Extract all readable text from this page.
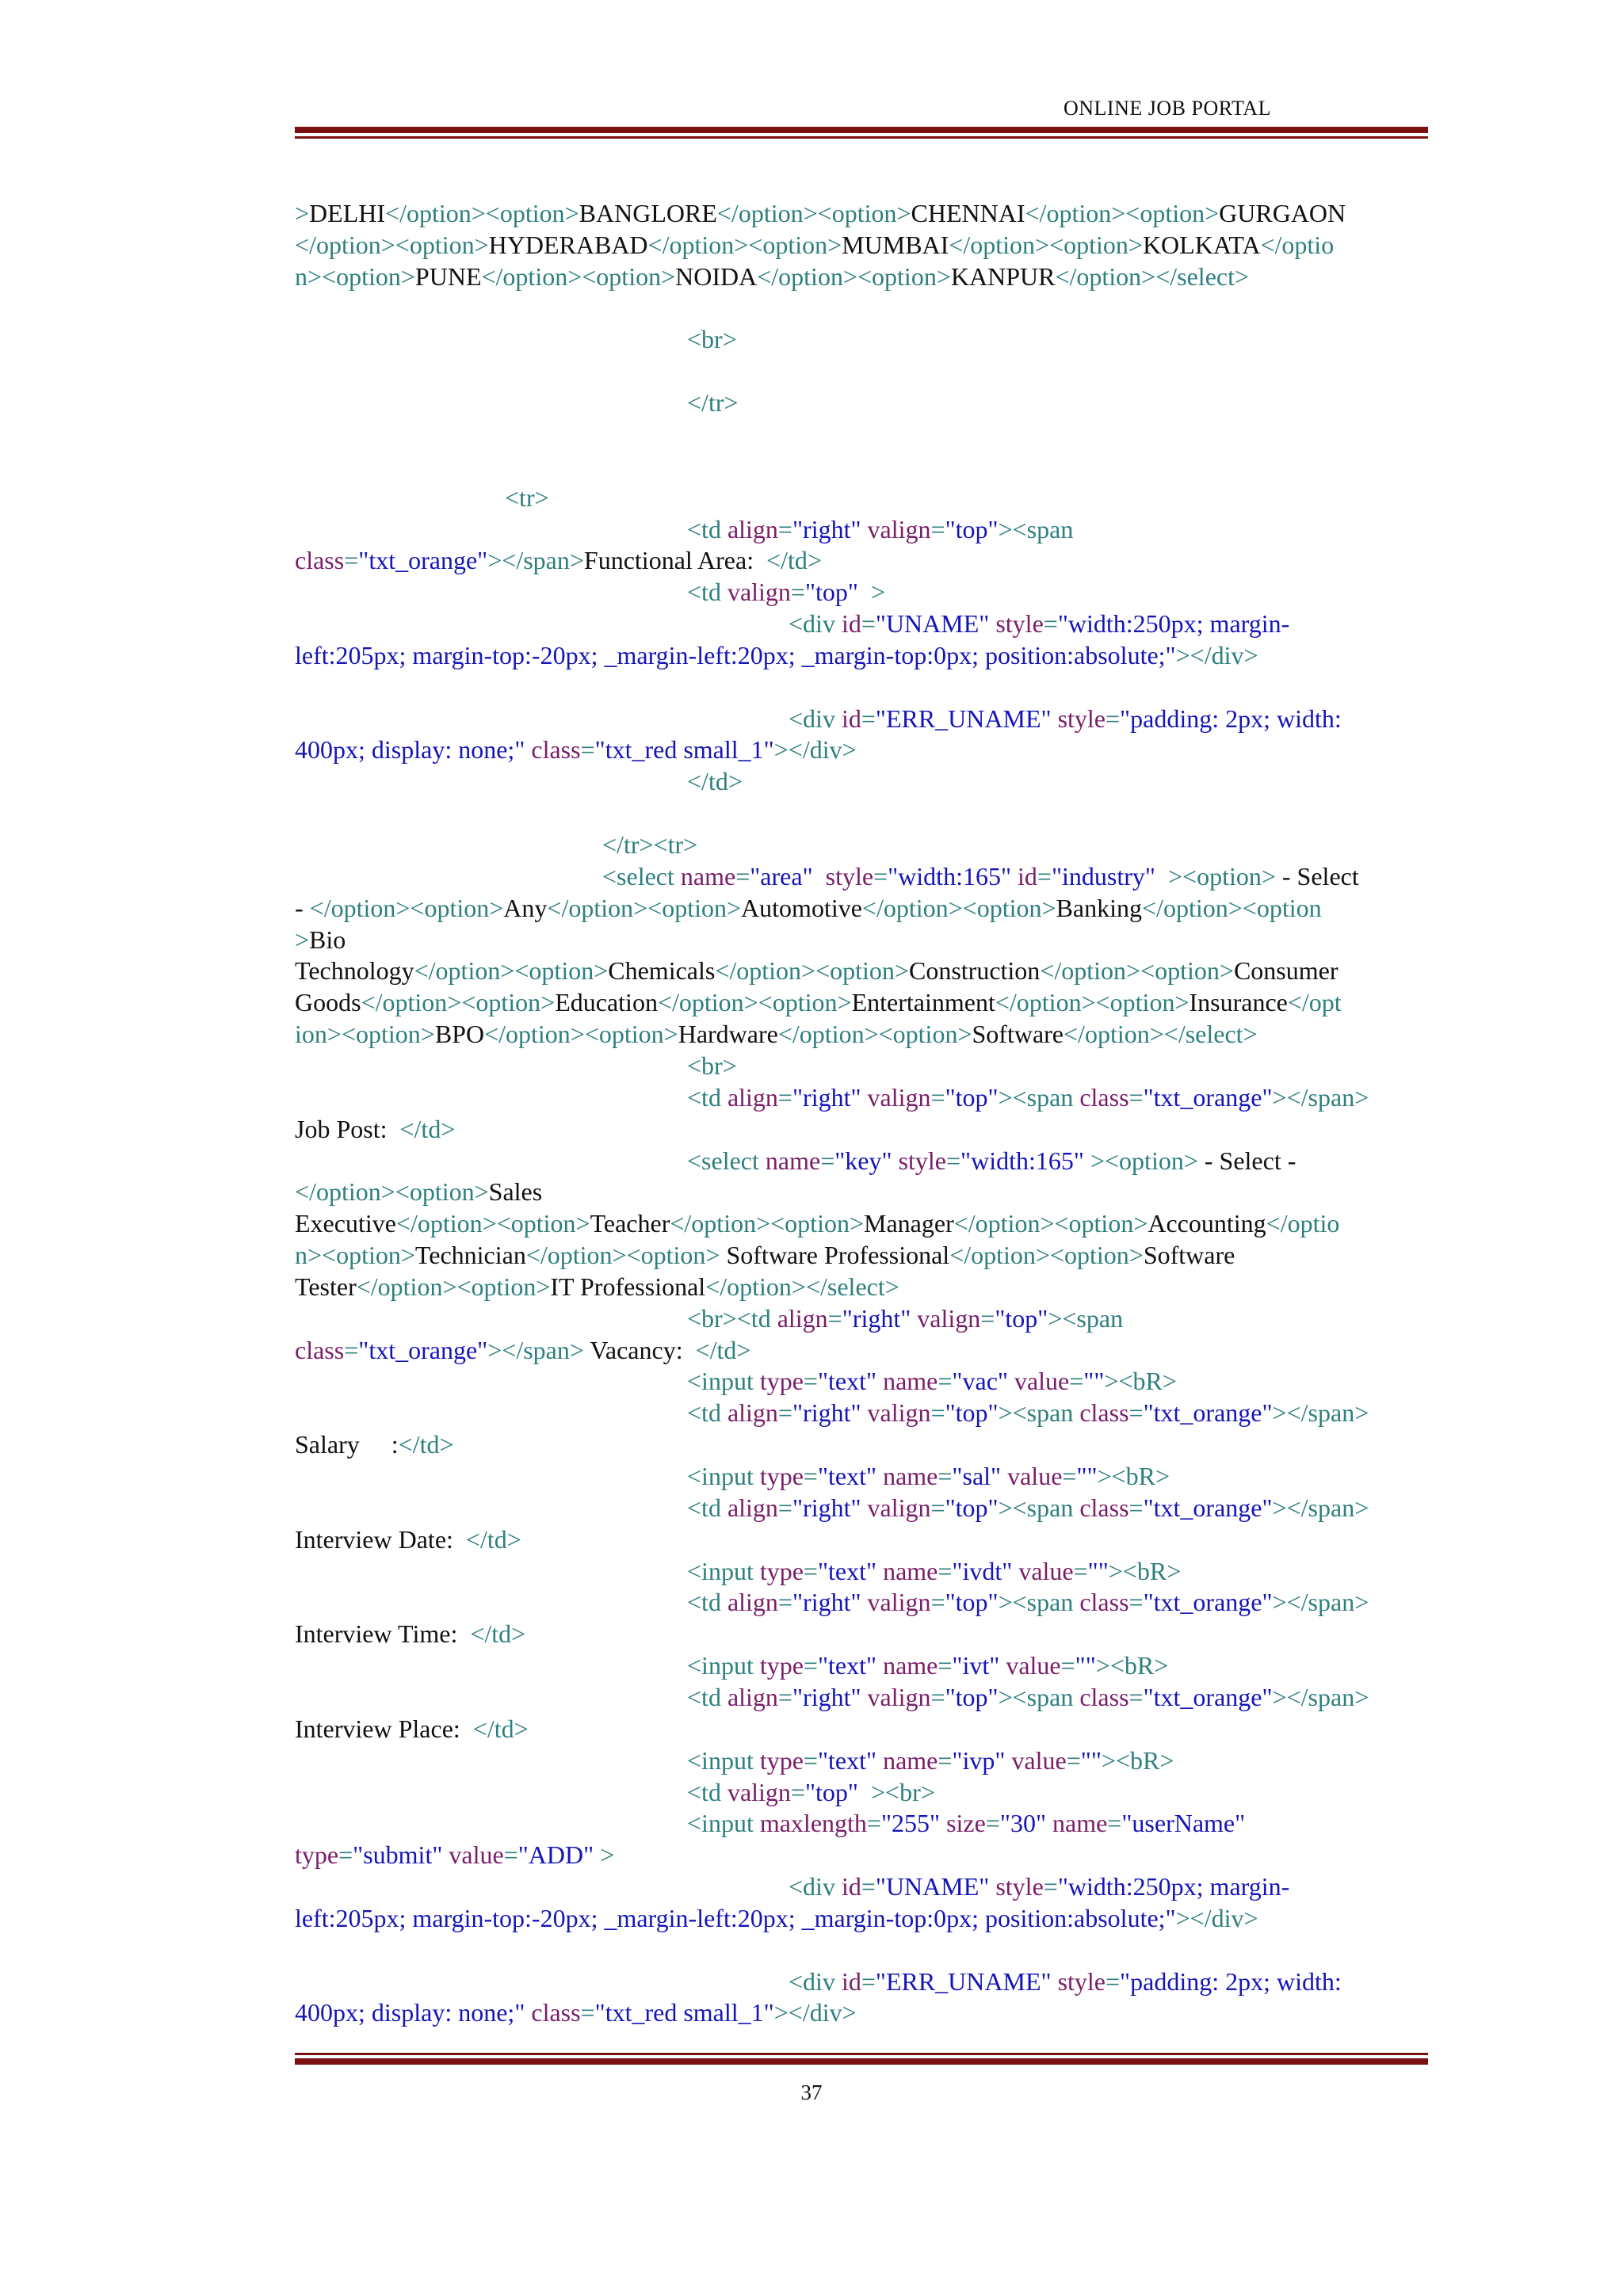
ONLINE JOB PORTAL
>DELHI</option><option>BANGLORE</option><option>CHENNAI</option><option>GURGAON
</option><option>HYDERABAD</option><option>MUMBAI</option><option>KOLKATA</optio
n><option>PUNE</option><option>NOIDA</option><option>KANPUR</option></select>
<br>
</tr>
<tr>
<td align="right" valign="top"><span
class="txt_orange"></span>Functional Area:  </td>
<td valign="top"  >
<div id="UNAME" style="width:250px; margin-
left:205px; margin-top:-20px; _margin-left:20px; _margin-top:0px; position:absolute;"></div>
<div id="ERR_UNAME" style="padding: 2px; width:
400px; display: none;" class="txt_red small_1"></div>
</td>
</tr><tr>
<select name="area" style="width:165" id="industry"  ><option> - Select
- </option><option>Any</option><option>Automotive</option><option>Banking</option><option
>Bio
Technology</option><option>Chemicals</option><option>Construction</option><option>Consumer
Goods</option><option>Education</option><option>Entertainment</option><option>Insurance</opt
ion><option>BPO</option><option>Hardware</option><option>Software</option></select>
<br>
<td align="right" valign="top"><span class="txt_orange"></span>
Job Post:  </td>
<select name="key" style="width:165" ><option> - Select -
</option><option>Sales
Executive</option><option>Teacher</option><option>Manager</option><option>Accounting</optio
n><option>Technician</option><option> Software Professional</option><option>Software
Tester</option><option>IT Professional</option></select>
<br><td align="right" valign="top"><span
class="txt_orange"></span> Vacancy:  </td>
<input type="text" name="vac" value=""><bR>
<td align="right" valign="top"><span class="txt_orange"></span>
Salary     :</td>
<input type="text" name="sal" value=""><bR>
<td align="right" valign="top"><span class="txt_orange"></span>
Interview Date:  </td>
<input type="text" name="ivdt" value=""><bR>
<td align="right" valign="top"><span class="txt_orange"></span>
Interview Time:  </td>
<input type="text" name="ivt" value=""><bR>
<td align="right" valign="top"><span class="txt_orange"></span>
Interview Place:  </td>
<input type="text" name="ivp" value=""><bR>
<td valign="top"  ><br>
<input maxlength="255" size="30" name="userName"
type="submit" value="ADD" >
<div id="UNAME" style="width:250px; margin-
left:205px; margin-top:-20px; _margin-left:20px; _margin-top:0px; position:absolute;"></div>
<div id="ERR_UNAME" style="padding: 2px; width:
400px; display: none;" class="txt_red small_1"></div>
37
